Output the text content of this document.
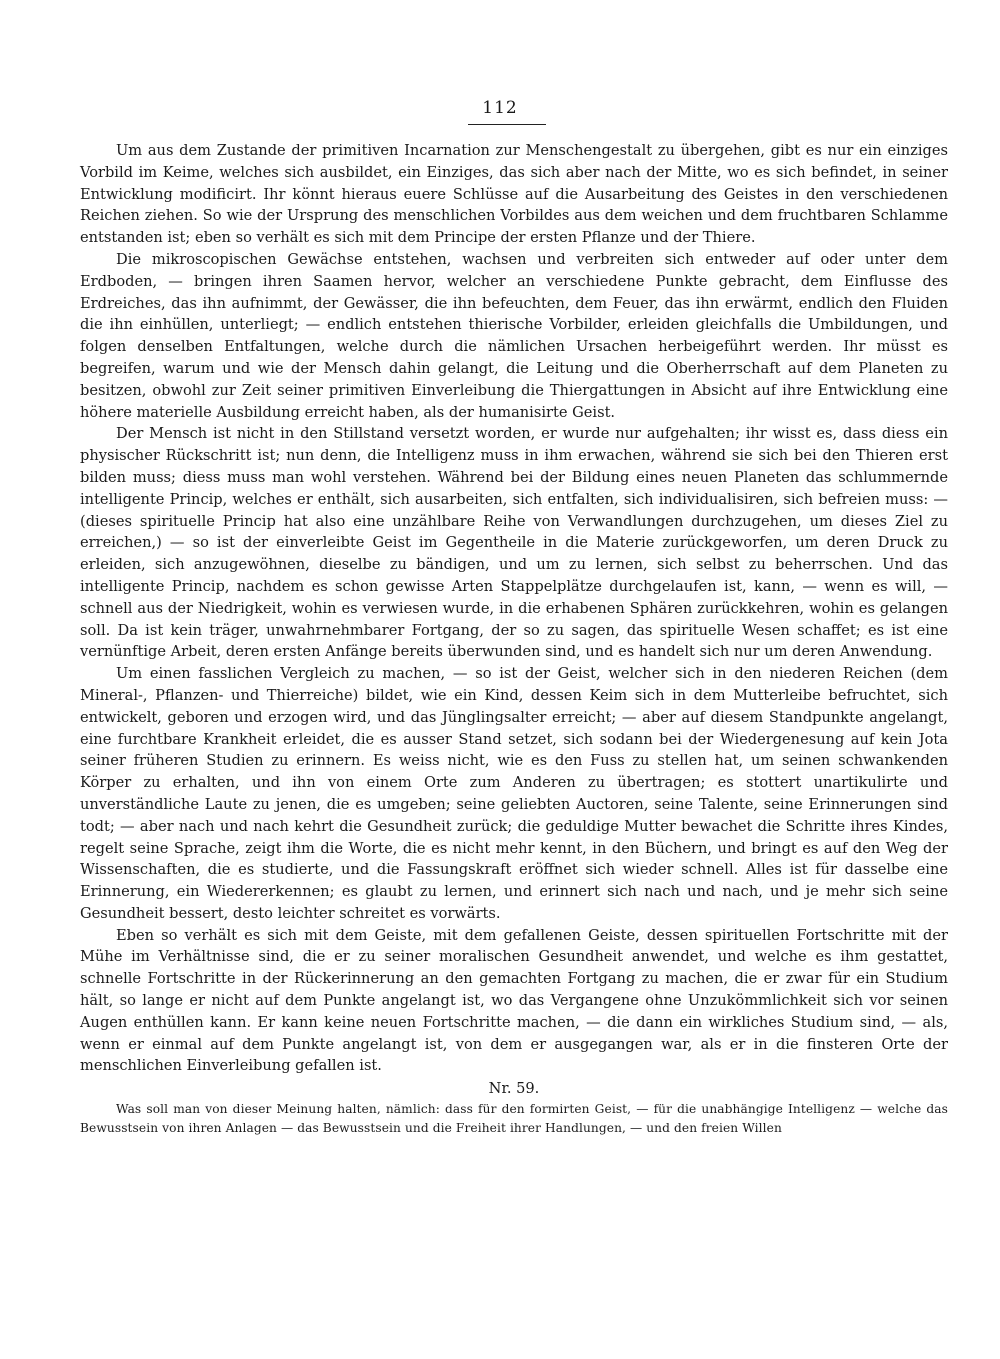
112

Um aus dem Zustande der primitiven Incarnation zur Menschengestalt zu übergehen, gibt es nur ein einziges Vorbild im Keime, welches sich ausbildet, ein Einziges, das sich aber nach der Mitte, wo es sich befindet, in seiner Entwicklung modificirt. Ihr könnt hieraus euere Schlüsse auf die Ausarbeitung des Geistes in den verschiedenen Reichen ziehen. So wie der Ursprung des menschlichen Vorbildes aus dem weichen und dem fruchtbaren Schlamme entstanden ist; eben so verhält es sich mit dem Principe der ersten Pflanze und der Thiere.

Die mikroscopischen Gewächse entstehen, wachsen und verbreiten sich entweder auf oder unter dem Erdboden, — bringen ihren Saamen hervor, welcher an verschiedene Punkte gebracht, dem Einflusse des Erdreiches, das ihn aufnimmt, der Gewässer, die ihn befeuchten, dem Feuer, das ihn erwärmt, endlich den Fluiden die ihn einhüllen, unterliegt; — endlich entstehen thierische Vorbilder, erleiden gleichfalls die Umbildungen, und folgen denselben Entfaltungen, welche durch die nämlichen Ursachen herbeigeführt werden. Ihr müsst es begreifen, warum und wie der Mensch dahin gelangt, die Leitung und die Oberherrschaft auf dem Planeten zu besitzen, obwohl zur Zeit seiner primitiven Einverleibung die Thiergattungen in Absicht auf ihre Entwicklung eine höhere materielle Ausbildung erreicht haben, als der humanisirte Geist.

Der Mensch ist nicht in den Stillstand versetzt worden, er wurde nur aufgehalten; ihr wisst es, dass diess ein physischer Rückschritt ist; nun denn, die Intelligenz muss in ihm erwachen, während sie sich bei den Thieren erst bilden muss; diess muss man wohl verstehen. Während bei der Bildung eines neuen Planeten das schlummernde intelligente Princip, welches er enthält, sich ausarbeiten, sich entfalten, sich individualisiren, sich befreien muss: — (dieses spirituelle Princip hat also eine unzählbare Reihe von Verwandlungen durchzugehen, um dieses Ziel zu erreichen,) — so ist der einverleibte Geist im Gegentheile in die Materie zurückgeworfen, um deren Druck zu erleiden, sich anzugewöhnen, dieselbe zu bändigen, und um zu lernen, sich selbst zu beherrschen. Und das intelligente Princip, nachdem es schon gewisse Arten Stappelplätze durchgelaufen ist, kann, — wenn es will, — schnell aus der Niedrigkeit, wohin es verwiesen wurde, in die erhabenen Sphären zurückkehren, wohin es gelangen soll. Da ist kein träger, unwahrnehmbarer Fortgang, der so zu sagen, das spirituelle Wesen schaffet; es ist eine vernünftige Arbeit, deren ersten Anfänge bereits überwunden sind, und es handelt sich nur um deren Anwendung.

Um einen fasslichen Vergleich zu machen, — so ist der Geist, welcher sich in den niederen Reichen (dem Mineral-, Pflanzen- und Thierreiche) bildet, wie ein Kind, dessen Keim sich in dem Mutterleibe befruchtet, sich entwickelt, geboren und erzogen wird, und das Jünglingsalter erreicht; — aber auf diesem Standpunkte angelangt, eine furchtbare Krankheit erleidet, die es ausser Stand setzet, sich sodann bei der Wiedergenesung auf kein Jota seiner früheren Studien zu erinnern. Es weiss nicht, wie es den Fuss zu stellen hat, um seinen schwankenden Körper zu erhalten, und ihn von einem Orte zum Anderen zu übertragen; es stottert unartikulirte und unverständliche Laute zu jenen, die es umgeben; seine geliebten Auctoren, seine Talente, seine Erinnerungen sind todt; — aber nach und nach kehrt die Gesundheit zurück; die geduldige Mutter bewachet die Schritte ihres Kindes, regelt seine Sprache, zeigt ihm die Worte, die es nicht mehr kennt, in den Büchern, und bringt es auf den Weg der Wissenschaften, die es studierte, und die Fassungskraft eröffnet sich wieder schnell. Alles ist für dasselbe eine Erinnerung, ein Wiedererkennen; es glaubt zu lernen, und erinnert sich nach und nach, und je mehr sich seine Gesundheit bessert, desto leichter schreitet es vorwärts.

Eben so verhält es sich mit dem Geiste, mit dem gefallenen Geiste, dessen spirituellen Fortschritte mit der Mühe im Verhältnisse sind, die er zu seiner moralischen Gesundheit anwendet, und welche es ihm gestattet, schnelle Fortschritte in der Rückerinnerung an den gemachten Fortgang zu machen, die er zwar für ein Studium hält, so lange er nicht auf dem Punkte angelangt ist, wo das Vergangene ohne Unzukömmlichkeit sich vor seinen Augen enthüllen kann. Er kann keine neuen Fortschritte machen, — die dann ein wirkliches Studium sind, — als, wenn er einmal auf dem Punkte angelangt ist, von dem er ausgegangen war, als er in die finsteren Orte der menschlichen Einverleibung gefallen ist.

Nr. 59.

Was soll man von dieser Meinung halten, nämlich: dass für den formirten Geist, — für die unabhängige Intelligenz — welche das Bewusstsein von ihren Anlagen — das Bewusstsein und die Freiheit ihrer Handlungen, — und den freien Willen
